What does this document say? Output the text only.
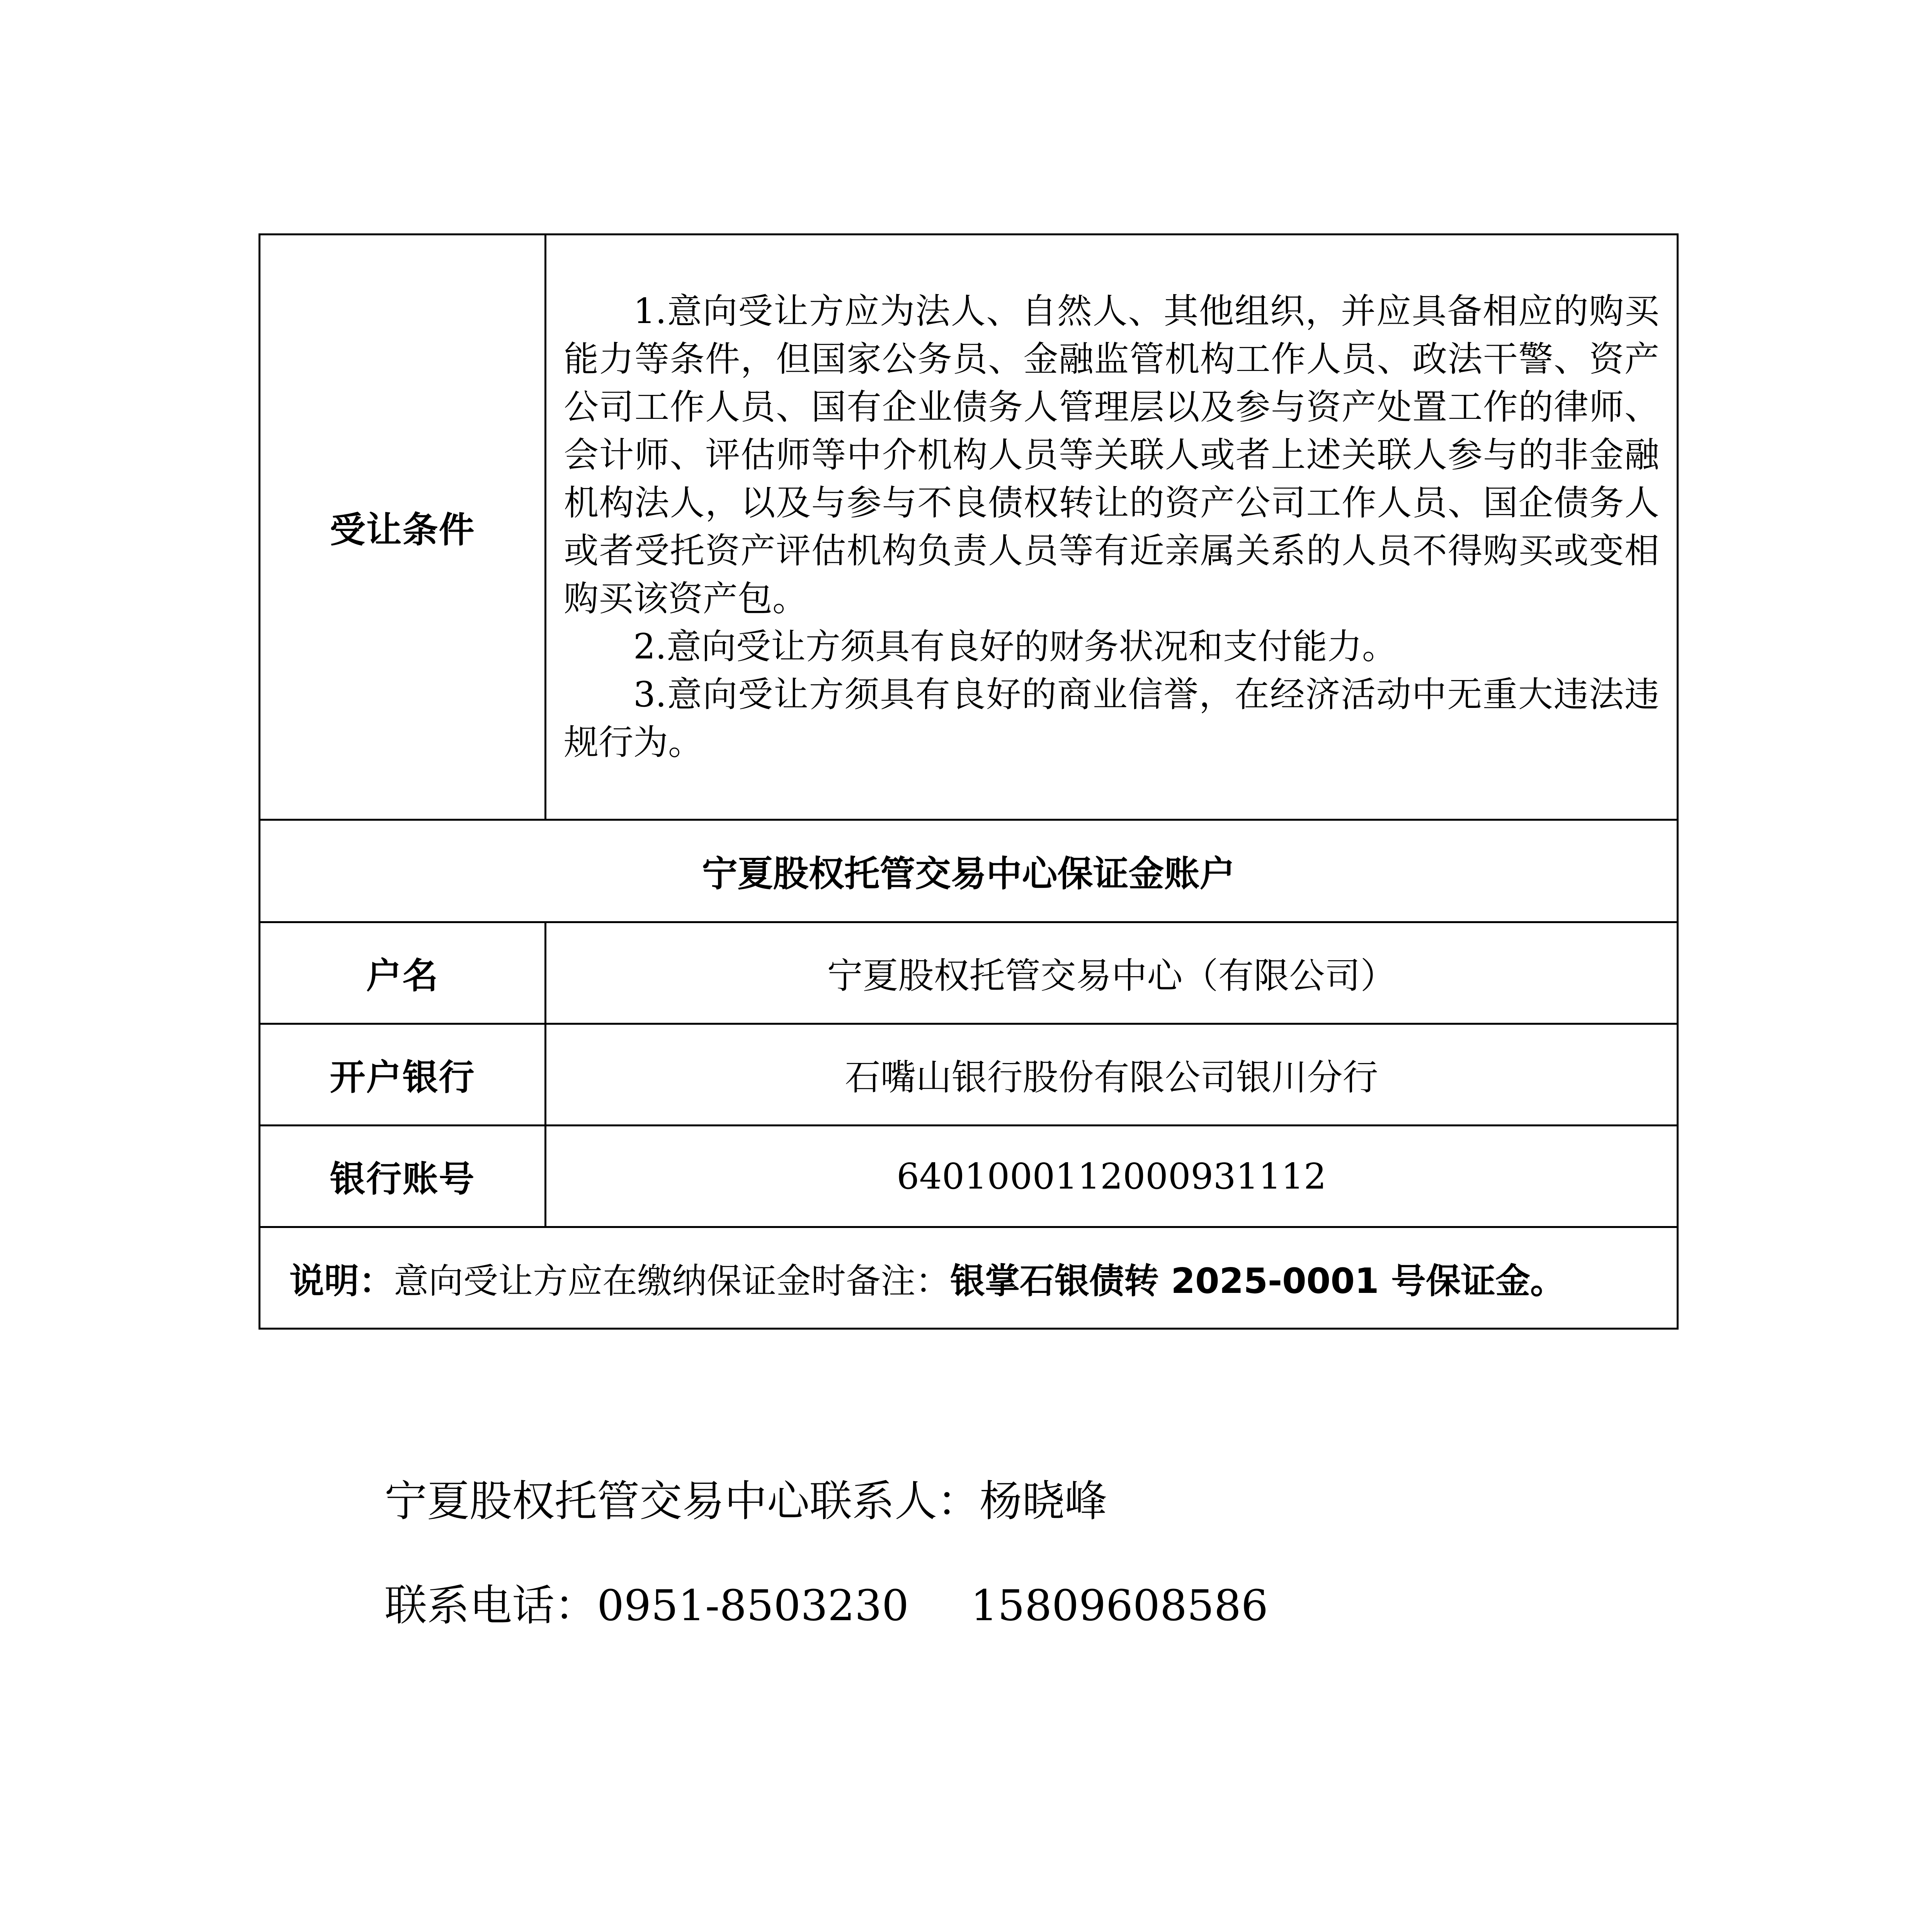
受让条件	1.意向受让方应为法人、自然人、其他组织，并应具备相应的购买能力等条件，但国家公务员、金融监管机构工作人员、政法干警、资产公司工作人员、国有企业债务人管理层以及参与资产处置工作的律师、会计师、评估师等中介机构人员等关联人或者上述关联人参与的非金融机构法人，以及与参与不良债权转让的资产公司工作人员、国企债务人或者受托资产评估机构负责人员等有近亲属关系的人员不得购买或变相购买该资产包。

2.意向受让方须具有良好的财务状况和支付能力。

3.意向受让方须具有良好的商业信誉，在经济活动中无重大违法违规行为。

宁夏股权托管交易中心保证金账户	
户名	宁夏股权托管交易中心（有限公司）
开户银行	石嘴山银行股份有限公司银川分行
银行账号	6401000112000931112
说明：意向受让方应在缴纳保证金时备注：银掌石银债转 2025-0001 号保证金。	
宁夏股权托管交易中心联系人：杨晓峰
联系电话：0951-8503230 15809608586
